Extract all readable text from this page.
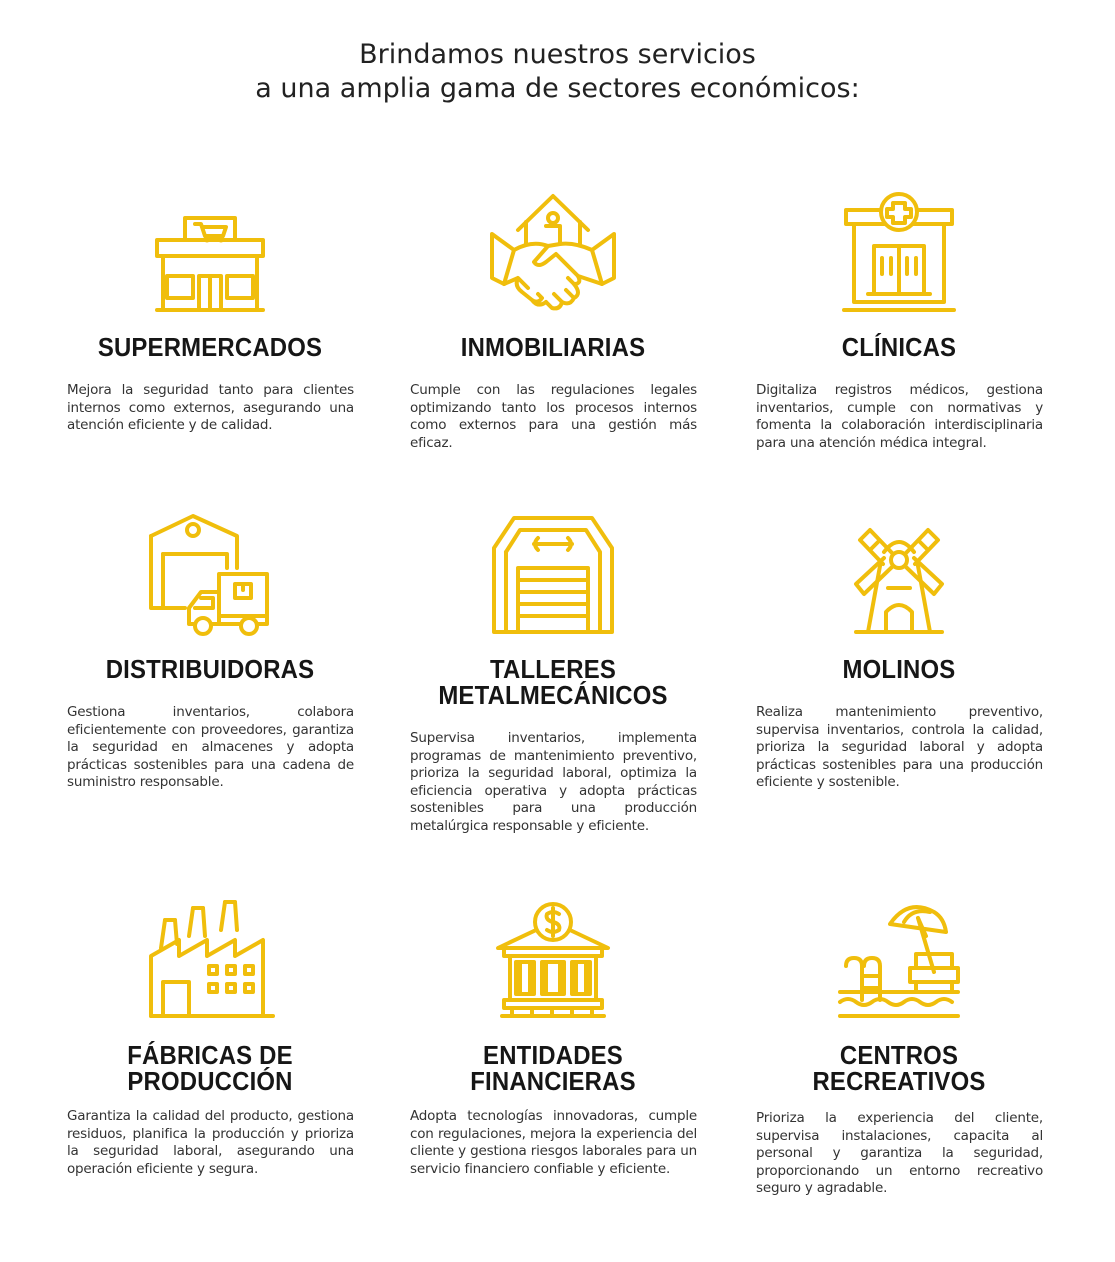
Brindamos nuestros servicios
a una amplia gama de sectores económicos:
SUPERMERCADOS
Mejora la seguridad tanto para clientes internos como externos, asegurando una atención eficiente y de calidad.
INMOBILIARIAS
Cumple con las regulaciones legales optimizando tanto los procesos internos como externos para una gestión más eficaz.
CLÍNICAS
Digitaliza registros médicos, gestiona inventarios, cumple con normativas y fomenta la colaboración interdisciplinaria para una atención médica integral.
DISTRIBUIDORAS
Gestiona inventarios, colabora eficientemente con proveedores, garantiza la seguridad en almacenes y adopta prácticas sostenibles para una cadena de suministro responsable.
TALLERES
METALMECÁNICOS
Supervisa inventarios, implementa programas de mantenimiento preventivo, prioriza la seguridad laboral, optimiza la eficiencia operativa y adopta prácticas sostenibles para una producción metalúrgica responsable y eficiente.
MOLINOS
Realiza mantenimiento preventivo, supervisa inventarios, controla la calidad, prioriza la seguridad laboral y adopta prácticas sostenibles para una producción eficiente y sostenible.
FÁBRICAS DE
PRODUCCIÓN
Garantiza la calidad del producto, gestiona residuos, planifica la producción y prioriza la seguridad laboral, asegurando una operación eficiente y segura.
ENTIDADES
FINANCIERAS
Adopta tecnologías innovadoras, cumple con regulaciones, mejora la experiencia del cliente y gestiona riesgos laborales para un servicio financiero confiable y eficiente.
CENTROS
RECREATIVOS
Prioriza la experiencia del cliente, supervisa instalaciones, capacita al personal y garantiza la seguridad, proporcionando un entorno recreativo seguro y agradable.
